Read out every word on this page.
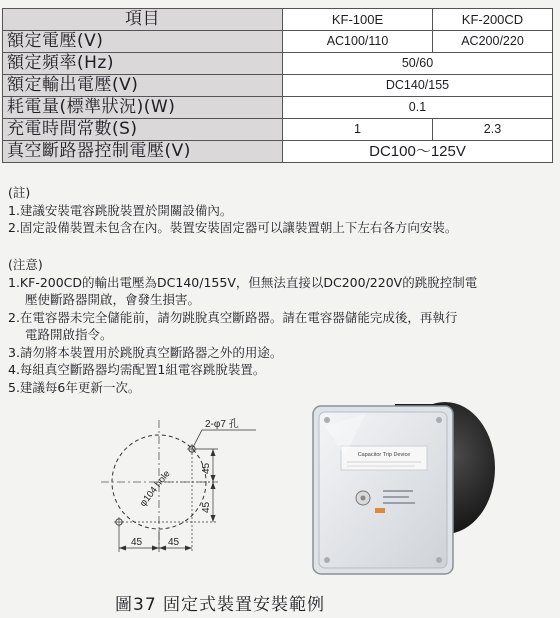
項目	KF-100E	KF-200CD
額定電壓(V)	AC100/110	AC200/220
額定頻率(Hz)	50/60	
額定輸出電壓(V)	DC140/155	
耗電量(標準狀況)(W)	0.1	
充電時間常數(S)	1	2.3
真空斷路器控制電壓(V)	DC100～125V	
(註)
1.建議安裝電容跳脫裝置於開關設備內。
2.固定設備裝置未包含在內。裝置安裝固定器可以讓裝置朝上下左右各方向安裝。
(注意)
1.KF-200CD的輸出電壓為DC140/155V，但無法直接以DC200/220V的跳脫控制電
壓使斷路器開啟，會發生損害。
2.在電容器未完全儲能前，請勿跳脫真空斷路器。請在電容器儲能完成後，再執行
電路開啟指令。
3.請勿將本裝置用於跳脫真空斷路器之外的用途。
4.每組真空斷路器均需配置1組電容跳脫裝置。
5.建議每6年更新一次。
2-φ7 孔
φ104 hole
45
45
45	45
Capacitor Trip Device
圖37 固定式裝置安裝範例
